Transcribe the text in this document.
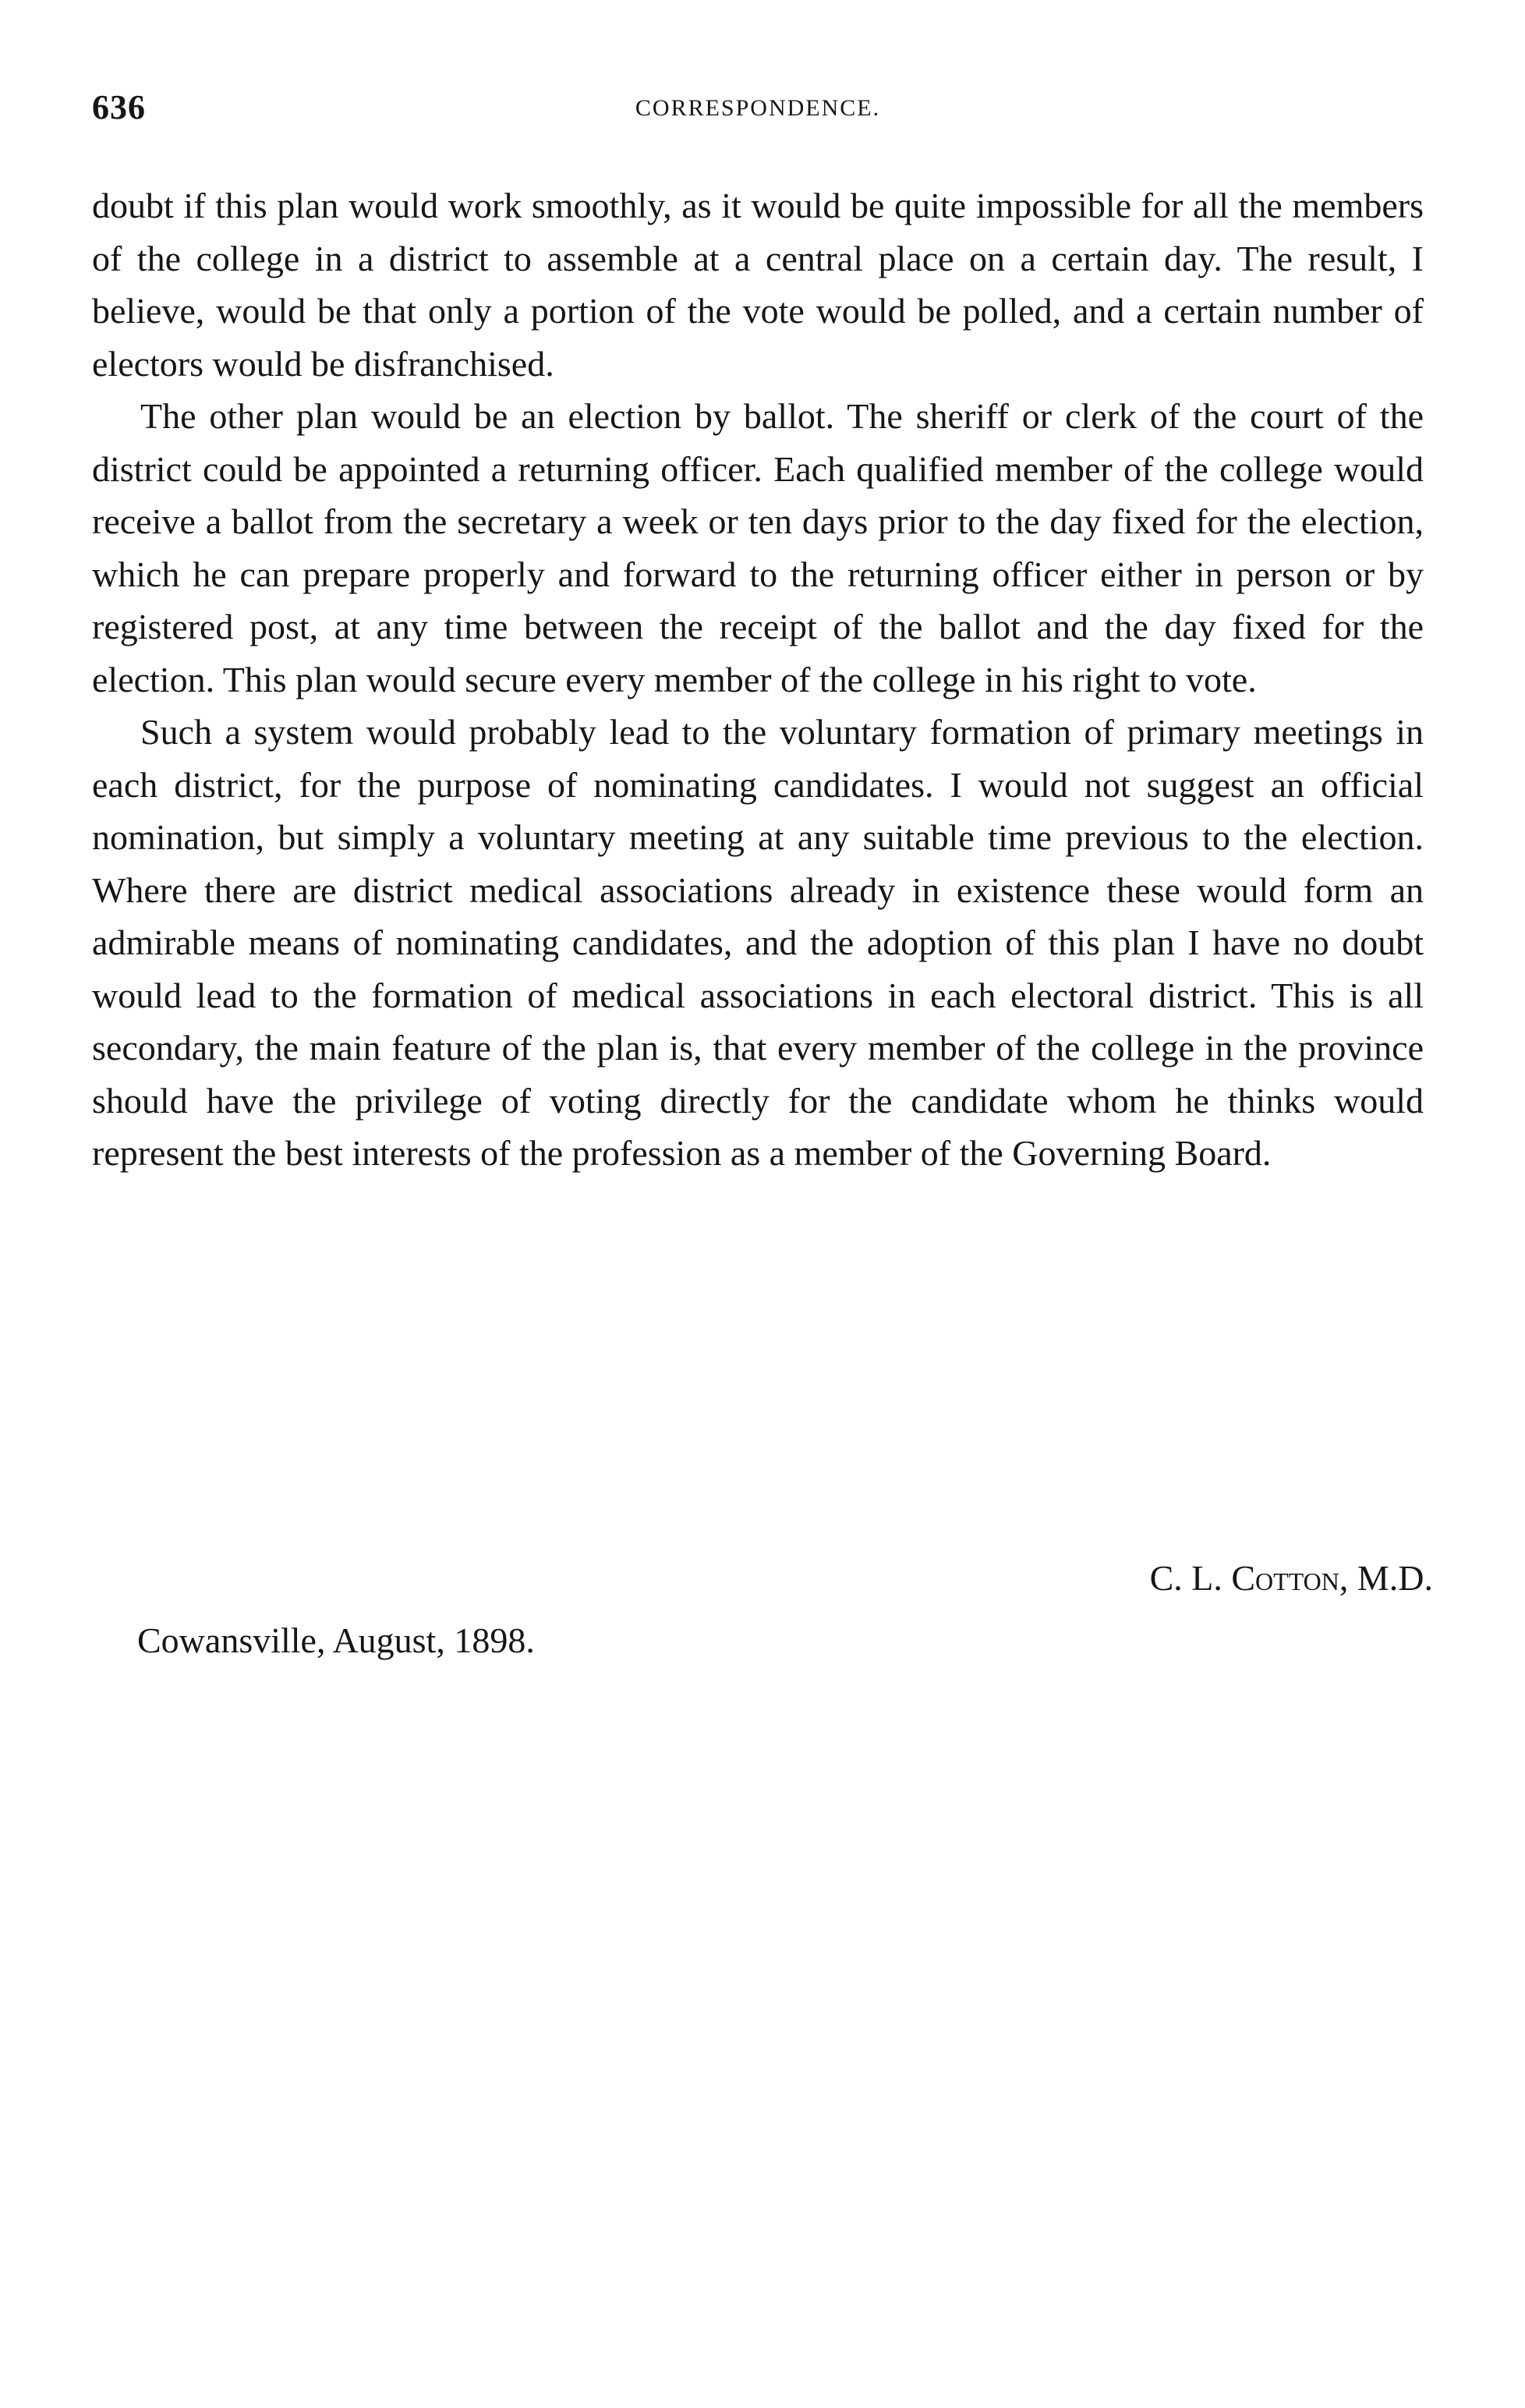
636	CORRESPONDENCE.

doubt if this plan would work smoothly, as it would be quite impossible for all the members of the college in a district to assemble at a central place on a certain day. The result, I believe, would be that only a portion of the vote would be polled, and a certain number of electors would be disfranchised.

The other plan would be an election by ballot. The sheriff or clerk of the court of the district could be appointed a returning officer. Each qualified member of the college would receive a ballot from the secretary a week or ten days prior to the day fixed for the election, which he can prepare properly and forward to the returning officer either in person or by registered post, at any time between the receipt of the ballot and the day fixed for the election. This plan would secure every member of the college in his right to vote.

Such a system would probably lead to the voluntary formation of primary meetings in each district, for the purpose of nominating candidates. I would not suggest an official nomination, but simply a voluntary meeting at any suitable time previous to the election. Where there are district medical associations already in existence these would form an admirable means of nominating candidates, and the adoption of this plan I have no doubt would lead to the formation of medical associations in each electoral district. This is all secondary, the main feature of the plan is, that every member of the college in the province should have the privilege of voting directly for the candidate whom he thinks would represent the best interests of the profession as a member of the Governing Board.

C. L. Cotton, M.D.
Cowansville, August, 1898.
